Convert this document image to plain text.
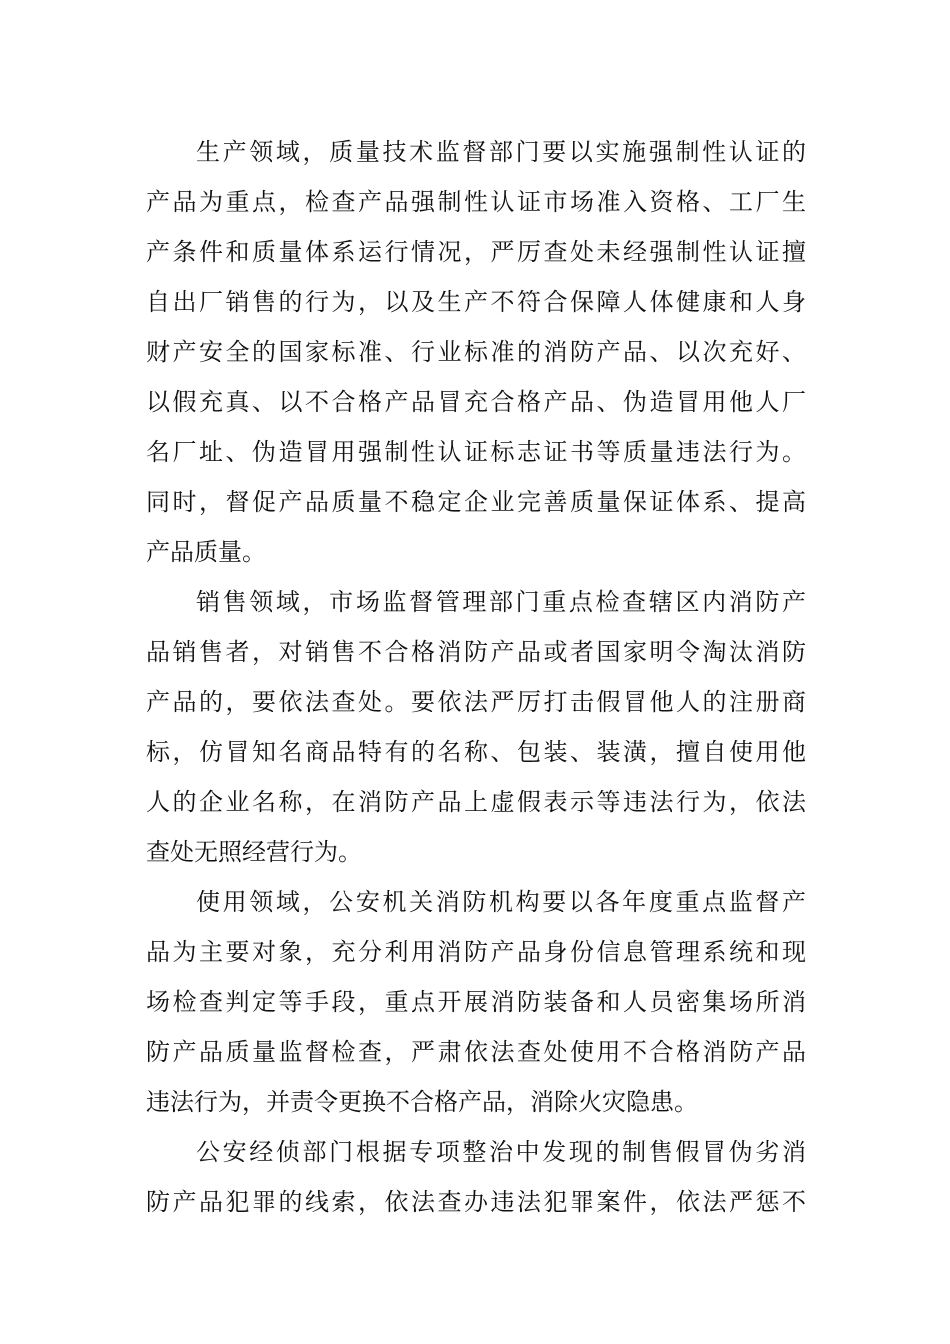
生产领域，质量技术监督部门要以实施强制性认证的
产品为重点，检查产品强制性认证市场准入资格、工厂生
产条件和质量体系运行情况，严厉查处未经强制性认证擅
自出厂销售的行为，以及生产不符合保障人体健康和人身
财产安全的国家标准、行业标准的消防产品、以次充好、
以假充真、以不合格产品冒充合格产品、伪造冒用他人厂
名厂址、伪造冒用强制性认证标志证书等质量违法行为。
同时，督促产品质量不稳定企业完善质量保证体系、提高
产品质量。
销售领域，市场监督管理部门重点检查辖区内消防产
品销售者，对销售不合格消防产品或者国家明令淘汰消防
产品的，要依法查处。要依法严厉打击假冒他人的注册商
标，仿冒知名商品特有的名称、包装、装潢，擅自使用他
人的企业名称，在消防产品上虚假表示等违法行为，依法
查处无照经营行为。
使用领域，公安机关消防机构要以各年度重点监督产
品为主要对象，充分利用消防产品身份信息管理系统和现
场检查判定等手段，重点开展消防装备和人员密集场所消
防产品质量监督检查，严肃依法查处使用不合格消防产品
违法行为，并责令更换不合格产品，消除火灾隐患。
公安经侦部门根据专项整治中发现的制售假冒伪劣消
防产品犯罪的线索，依法查办违法犯罪案件，依法严惩不
